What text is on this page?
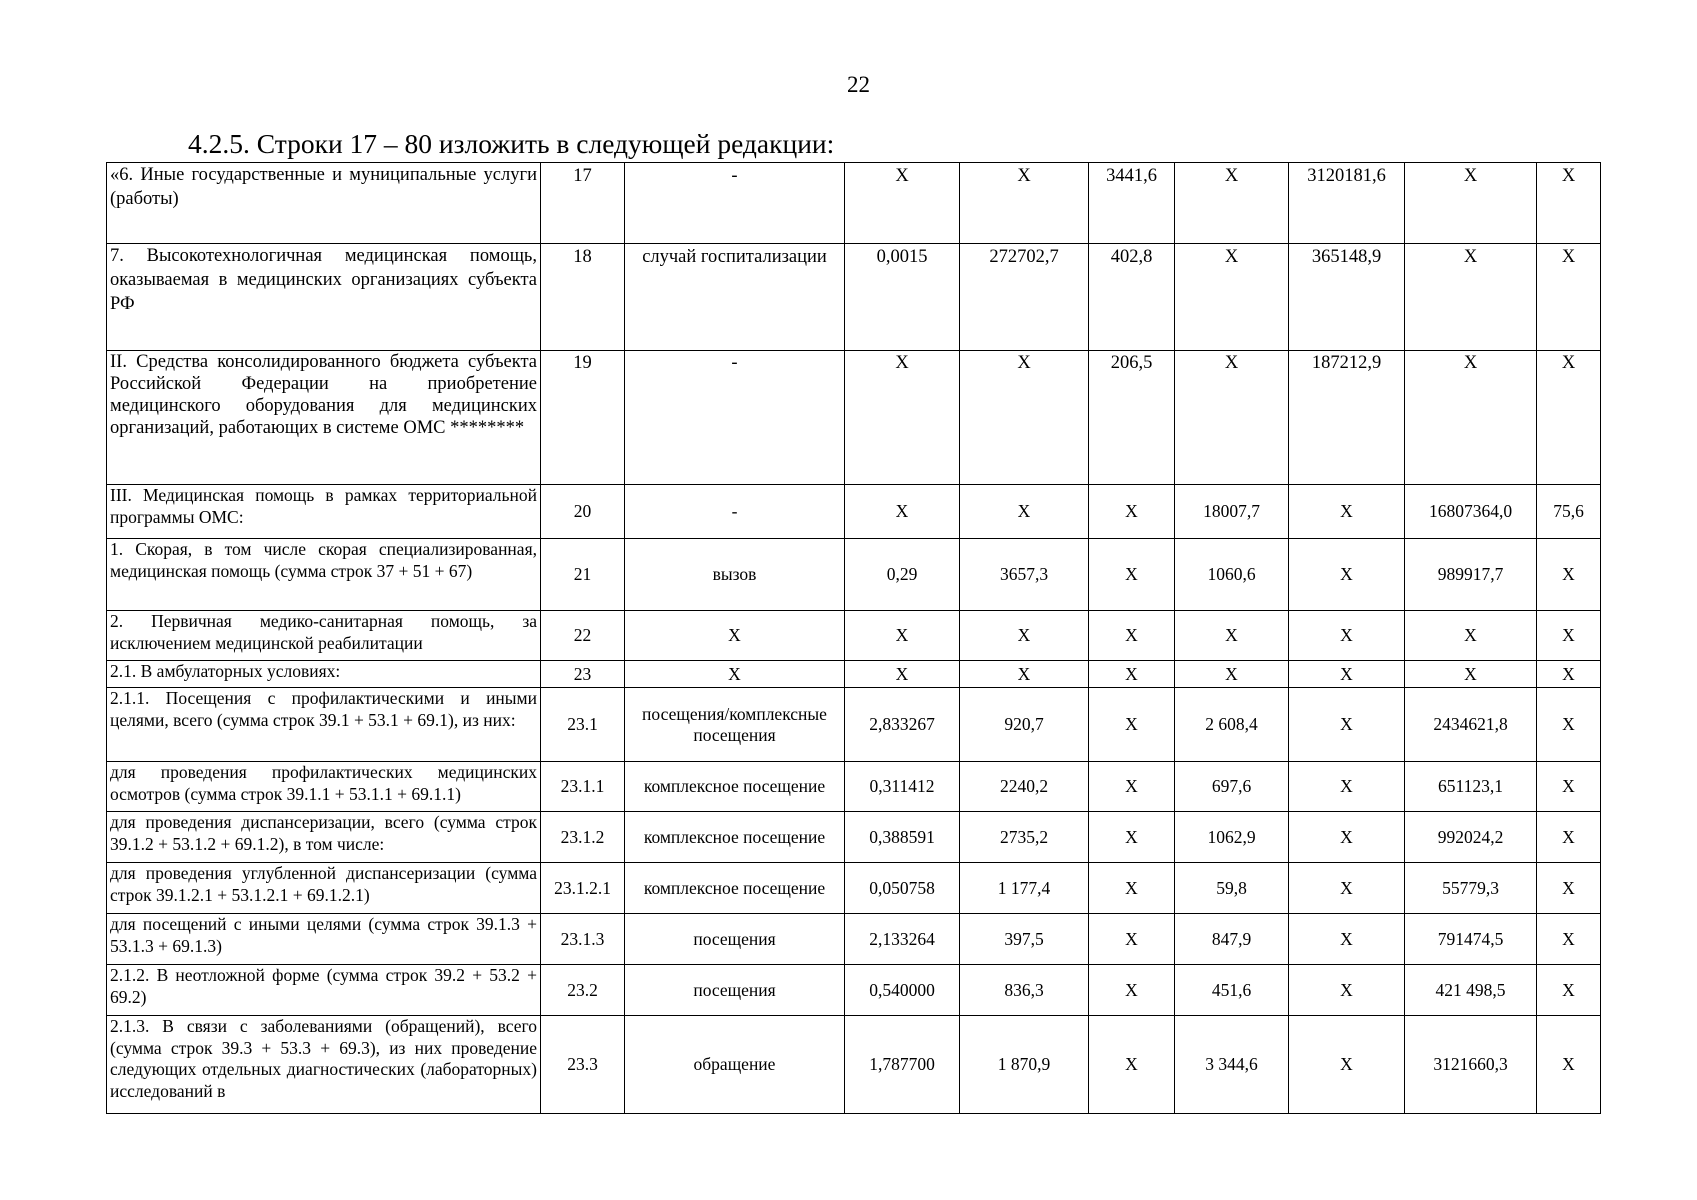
22
4.2.5. Строки 17 – 80 изложить в следующей редакции:
«6. Иные государственные и муниципальные услуги (работы)	17	-	X	X	3441,6	X	3120181,6	X	X
7. Высокотехнологичная медицинская помощь, оказываемая в медицинских организациях субъекта РФ	18	случай госпитализации	0,0015	272702,7	402,8	X	365148,9	X	X
II. Средства консолидированного бюджета субъекта Российской Федерации на приобретение медицинского оборудования для медицинских организаций, работающих в системе ОМС ********	19	-	X	X	206,5	X	187212,9	X	X
III. Медицинская помощь в рамках территориальной программы ОМС:	20	-	X	X	X	18007,7	X	16807364,0	75,6
1. Скорая, в том числе скорая специализированная, медицинская помощь (сумма строк 37 + 51 + 67)	21	вызов	0,29	3657,3	X	1060,6	X	989917,7	X
2. Первичная медико-санитарная помощь, за исключением медицинской реабилитации	22	X	X	X	X	X	X	X	X
2.1. В амбулаторных условиях:	23	X	X	X	X	X	X	X	X
2.1.1. Посещения с профилактическими и иными целями, всего (сумма строк 39.1 + 53.1 + 69.1), из них:	23.1	посещения/комплексные посещения	2,833267	920,7	X	2 608,4	X	2434621,8	X
для проведения профилактических медицинских осмотров (сумма строк 39.1.1 + 53.1.1 + 69.1.1)	23.1.1	комплексное посещение	0,311412	2240,2	X	697,6	X	651123,1	X
для проведения диспансеризации, всего (сумма строк 39.1.2 + 53.1.2 + 69.1.2), в том числе:	23.1.2	комплексное посещение	0,388591	2735,2	X	1062,9	X	992024,2	X
для проведения углубленной диспансеризации (сумма строк 39.1.2.1 + 53.1.2.1 + 69.1.2.1)	23.1.2.1	комплексное посещение	0,050758	1 177,4	X	59,8	X	55779,3	X
для посещений с иными целями (сумма строк 39.1.3 + 53.1.3 + 69.1.3)	23.1.3	посещения	2,133264	397,5	X	847,9	X	791474,5	X
2.1.2. В неотложной форме (сумма строк 39.2 + 53.2 + 69.2)	23.2	посещения	0,540000	836,3	X	451,6	X	421 498,5	X
2.1.3. В связи с заболеваниями (обращений), всего (сумма строк 39.3 + 53.3 + 69.3), из них проведение следующих отдельных диагностических (лабораторных) исследований в	23.3	обращение	1,787700	1 870,9	X	3 344,6	X	3121660,3	X
